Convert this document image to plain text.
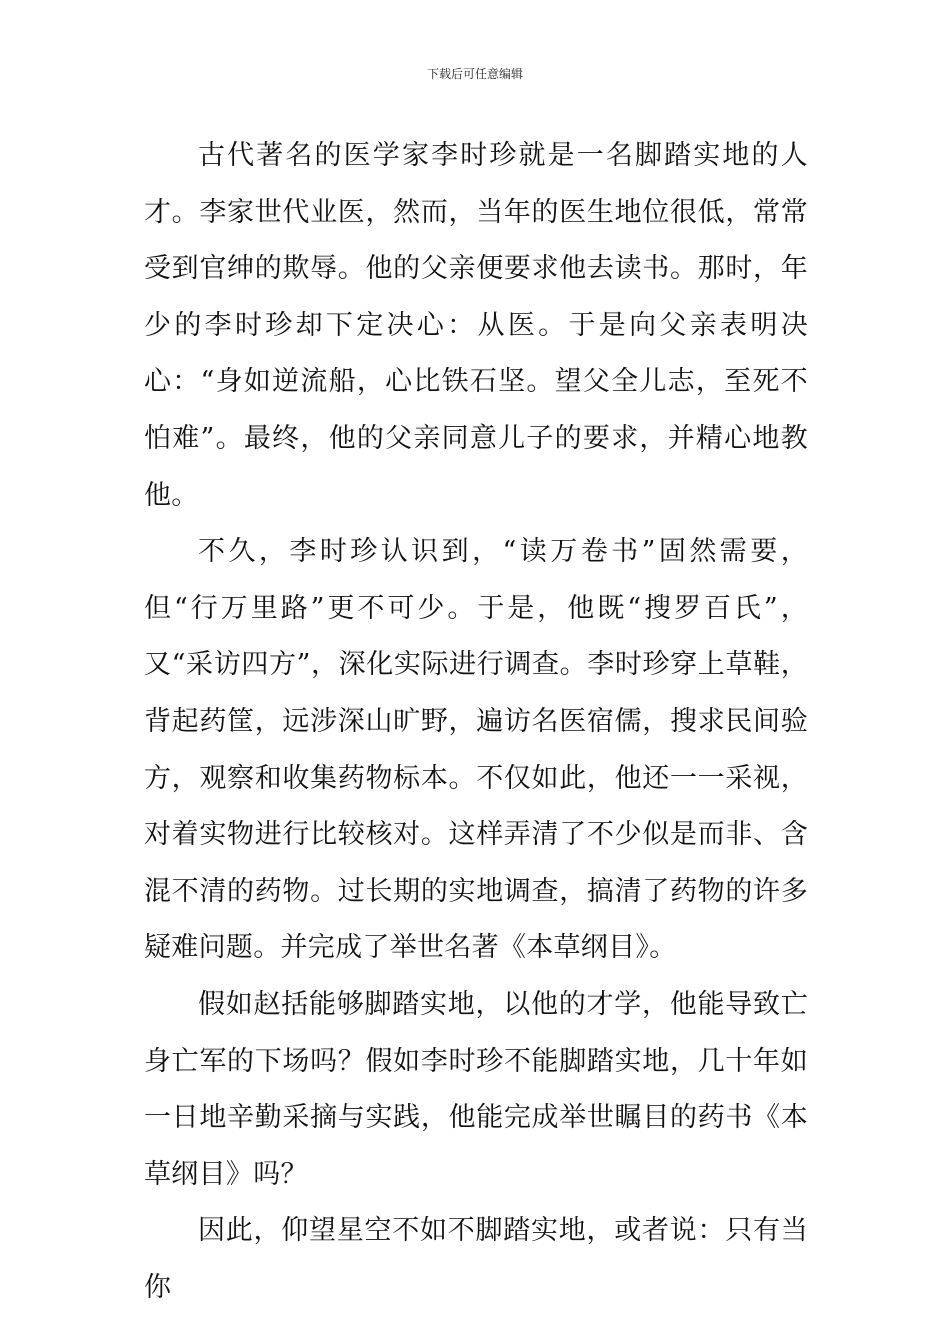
下载后可任意编辑

古代著名的医学家李时珍就是一名脚踏实地的人才。李家世代业医，然而，当年的医生地位很低，常常受到官绅的欺辱。他的父亲便要求他去读书。那时，年少的李时珍却下定决心：从医。于是向父亲表明决心：“身如逆流船，心比铁石坚。望父全儿志，至死不怕难”。最终，他的父亲同意儿子的要求，并精心地教他。

不久，李时珍认识到，“读万卷书”固然需要，但“行万里路”更不可少。于是，他既“搜罗百氏”，又“采访四方”，深化实际进行调查。李时珍穿上草鞋，背起药筐，远涉深山旷野，遍访名医宿儒，搜求民间验方，观察和收集药物标本。不仅如此，他还一一采视，对着实物进行比较核对。这样弄清了不少似是而非、含混不清的药物。过长期的实地调查，搞清了药物的许多疑难问题。并完成了举世名著《本草纲目》。

假如赵括能够脚踏实地，以他的才学，他能导致亡身亡军的下场吗？假如李时珍不能脚踏实地，几十年如一日地辛勤采摘与实践，他能完成举世瞩目的药书《本草纲目》吗？

因此，仰望星空不如不脚踏实地，或者说：只有当你
